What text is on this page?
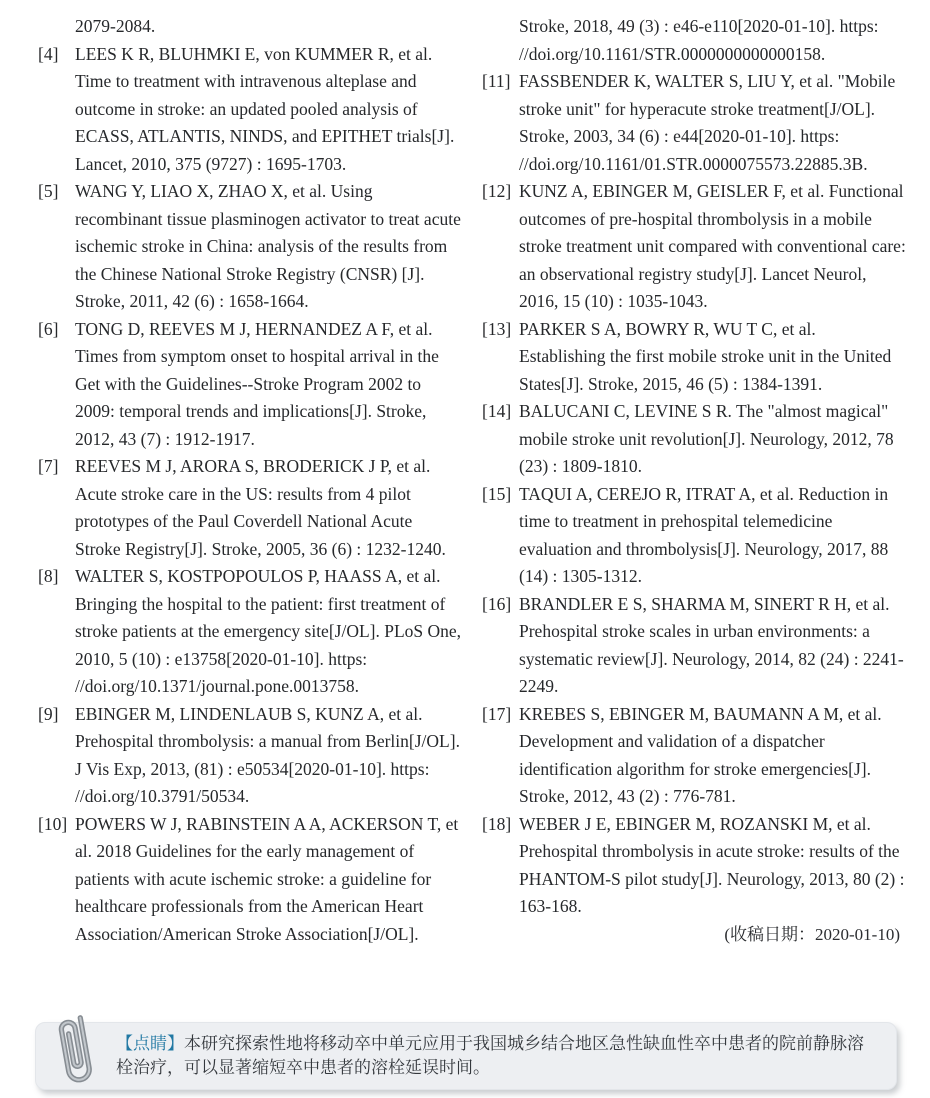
2079-2084.
[4] LEES K R, BLUHMKI E, von KUMMER R, et al. Time to treatment with intravenous alteplase and outcome in stroke: an updated pooled analysis of ECASS, ATLANTIS, NINDS, and EPITHET trials[J]. Lancet, 2010, 375 (9727) : 1695-1703.
[5] WANG Y, LIAO X, ZHAO X, et al. Using recombinant tissue plasminogen activator to treat acute ischemic stroke in China: analysis of the results from the Chinese National Stroke Registry (CNSR) [J]. Stroke, 2011, 42 (6) : 1658-1664.
[6] TONG D, REEVES M J, HERNANDEZ A F, et al. Times from symptom onset to hospital arrival in the Get with the Guidelines--Stroke Program 2002 to 2009: temporal trends and implications[J]. Stroke, 2012, 43 (7) : 1912-1917.
[7] REEVES M J, ARORA S, BRODERICK J P, et al. Acute stroke care in the US: results from 4 pilot prototypes of the Paul Coverdell National Acute Stroke Registry[J]. Stroke, 2005, 36 (6) : 1232-1240.
[8] WALTER S, KOSTPOPOULOS P, HAASS A, et al. Bringing the hospital to the patient: first treatment of stroke patients at the emergency site[J/OL]. PLoS One, 2010, 5 (10) : e13758[2020-01-10]. https: //doi.org/10.1371/journal.pone.0013758.
[9] EBINGER M, LINDENLAUB S, KUNZ A, et al. Prehospital thrombolysis: a manual from Berlin[J/OL]. J Vis Exp, 2013, (81) : e50534[2020-01-10]. https: //doi.org/10.3791/50534.
[10] POWERS W J, RABINSTEIN A A, ACKERSON T, et al. 2018 Guidelines for the early management of patients with acute ischemic stroke: a guideline for healthcare professionals from the American Heart Association/American Stroke Association[J/OL].
Stroke, 2018, 49 (3) : e46-e110[2020-01-10]. https: //doi.org/10.1161/STR.0000000000000158.
[11] FASSBENDER K, WALTER S, LIU Y, et al. "Mobile stroke unit" for hyperacute stroke treatment[J/OL]. Stroke, 2003, 34 (6) : e44[2020-01-10]. https: //doi.org/10.1161/01.STR.0000075573.22885.3B.
[12] KUNZ A, EBINGER M, GEISLER F, et al. Functional outcomes of pre-hospital thrombolysis in a mobile stroke treatment unit compared with conventional care: an observational registry study[J]. Lancet Neurol, 2016, 15 (10) : 1035-1043.
[13] PARKER S A, BOWRY R, WU T C, et al. Establishing the first mobile stroke unit in the United States[J]. Stroke, 2015, 46 (5) : 1384-1391.
[14] BALUCANI C, LEVINE S R. The "almost magical" mobile stroke unit revolution[J]. Neurology, 2012, 78 (23) : 1809-1810.
[15] TAQUI A, CEREJO R, ITRAT A, et al. Reduction in time to treatment in prehospital telemedicine evaluation and thrombolysis[J]. Neurology, 2017, 88 (14) : 1305-1312.
[16] BRANDLER E S, SHARMA M, SINERT R H, et al. Prehospital stroke scales in urban environments: a systematic review[J]. Neurology, 2014, 82 (24) : 2241-2249.
[17] KREBES S, EBINGER M, BAUMANN A M, et al. Development and validation of a dispatcher identification algorithm for stroke emergencies[J]. Stroke, 2012, 43 (2) : 776-781.
[18] WEBER J E, EBINGER M, ROZANSKI M, et al. Prehospital thrombolysis in acute stroke: results of the PHANTOM-S pilot study[J]. Neurology, 2013, 80 (2) : 163-168.
(收稿日期：2020-01-10)

【点睛】本研究探索性地将移动卒中单元应用于我国城乡结合地区急性缺血性卒中患者的院前静脉溶栓治疗，可以显著缩短卒中患者的溶栓延误时间。
